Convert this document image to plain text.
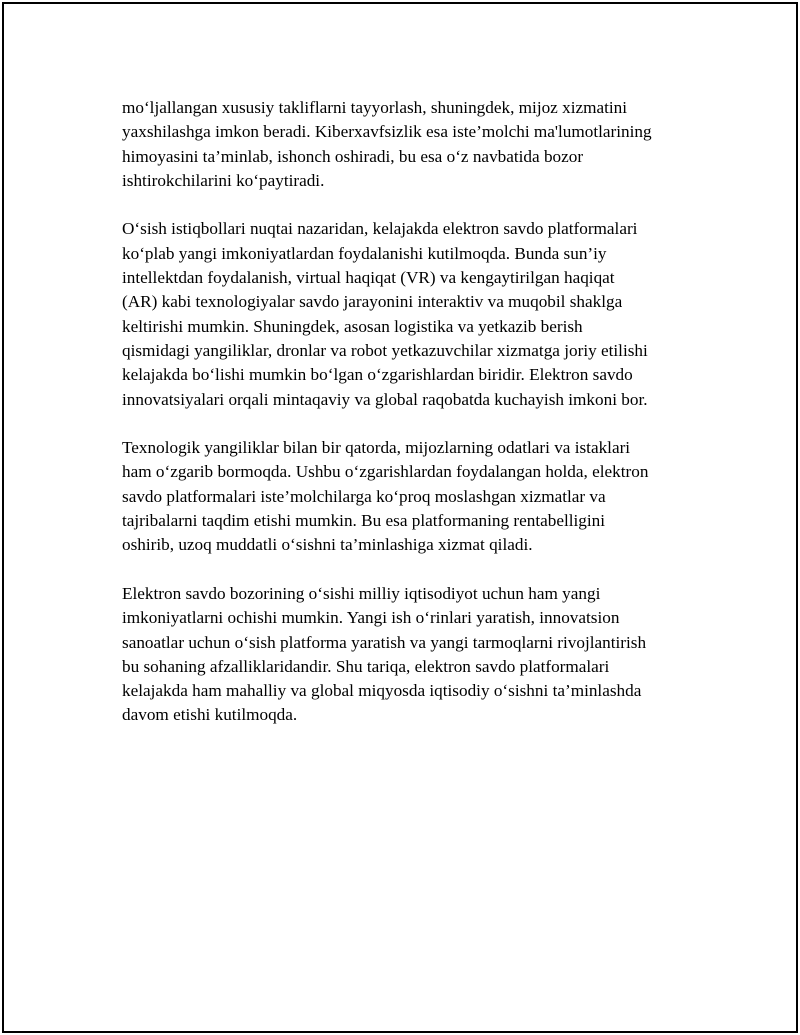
mo‘ljallangan xususiy takliflarni tayyorlash, shuningdek, mijoz xizmatini
yaxshilashga imkon beradi. Kiberxavfsizlik esa iste’molchi ma'lumotlarining
himoyasini ta’minlab, ishonch oshiradi, bu esa o‘z navbatida bozor
ishtirokchilarini ko‘paytiradi.

O‘sish istiqbollari nuqtai nazaridan, kelajakda elektron savdo platformalari
ko‘plab yangi imkoniyatlardan foydalanishi kutilmoqda. Bunda sun’iy
intellektdan foydalanish, virtual haqiqat (VR) va kengaytirilgan haqiqat
(AR) kabi texnologiyalar savdo jarayonini interaktiv va muqobil shaklga
keltirishi mumkin. Shuningdek, asosan logistika va yetkazib berish
qismidagi yangiliklar, dronlar va robot yetkazuvchilar xizmatga joriy etilishi
kelajakda bo‘lishi mumkin bo‘lgan o‘zgarishlardan biridir. Elektron savdo
innovatsiyalari orqali mintaqaviy va global raqobatda kuchayish imkoni bor.

Texnologik yangiliklar bilan bir qatorda, mijozlarning odatlari va istaklari
ham o‘zgarib bormoqda. Ushbu o‘zgarishlardan foydalangan holda, elektron
savdo platformalari iste’molchilarga ko‘proq moslashgan xizmatlar va
tajribalarni taqdim etishi mumkin. Bu esa platformaning rentabelligini
oshirib, uzoq muddatli o‘sishni ta’minlashiga xizmat qiladi.

Elektron savdo bozorining o‘sishi milliy iqtisodiyot uchun ham yangi
imkoniyatlarni ochishi mumkin. Yangi ish o‘rinlari yaratish, innovatsion
sanoatlar uchun o‘sish platforma yaratish va yangi tarmoqlarni rivojlantirish
bu sohaning afzalliklaridandir. Shu tariqa, elektron savdo platformalari
kelajakda ham mahalliy va global miqyosda iqtisodiy o‘sishni ta’minlashda
davom etishi kutilmoqda.
